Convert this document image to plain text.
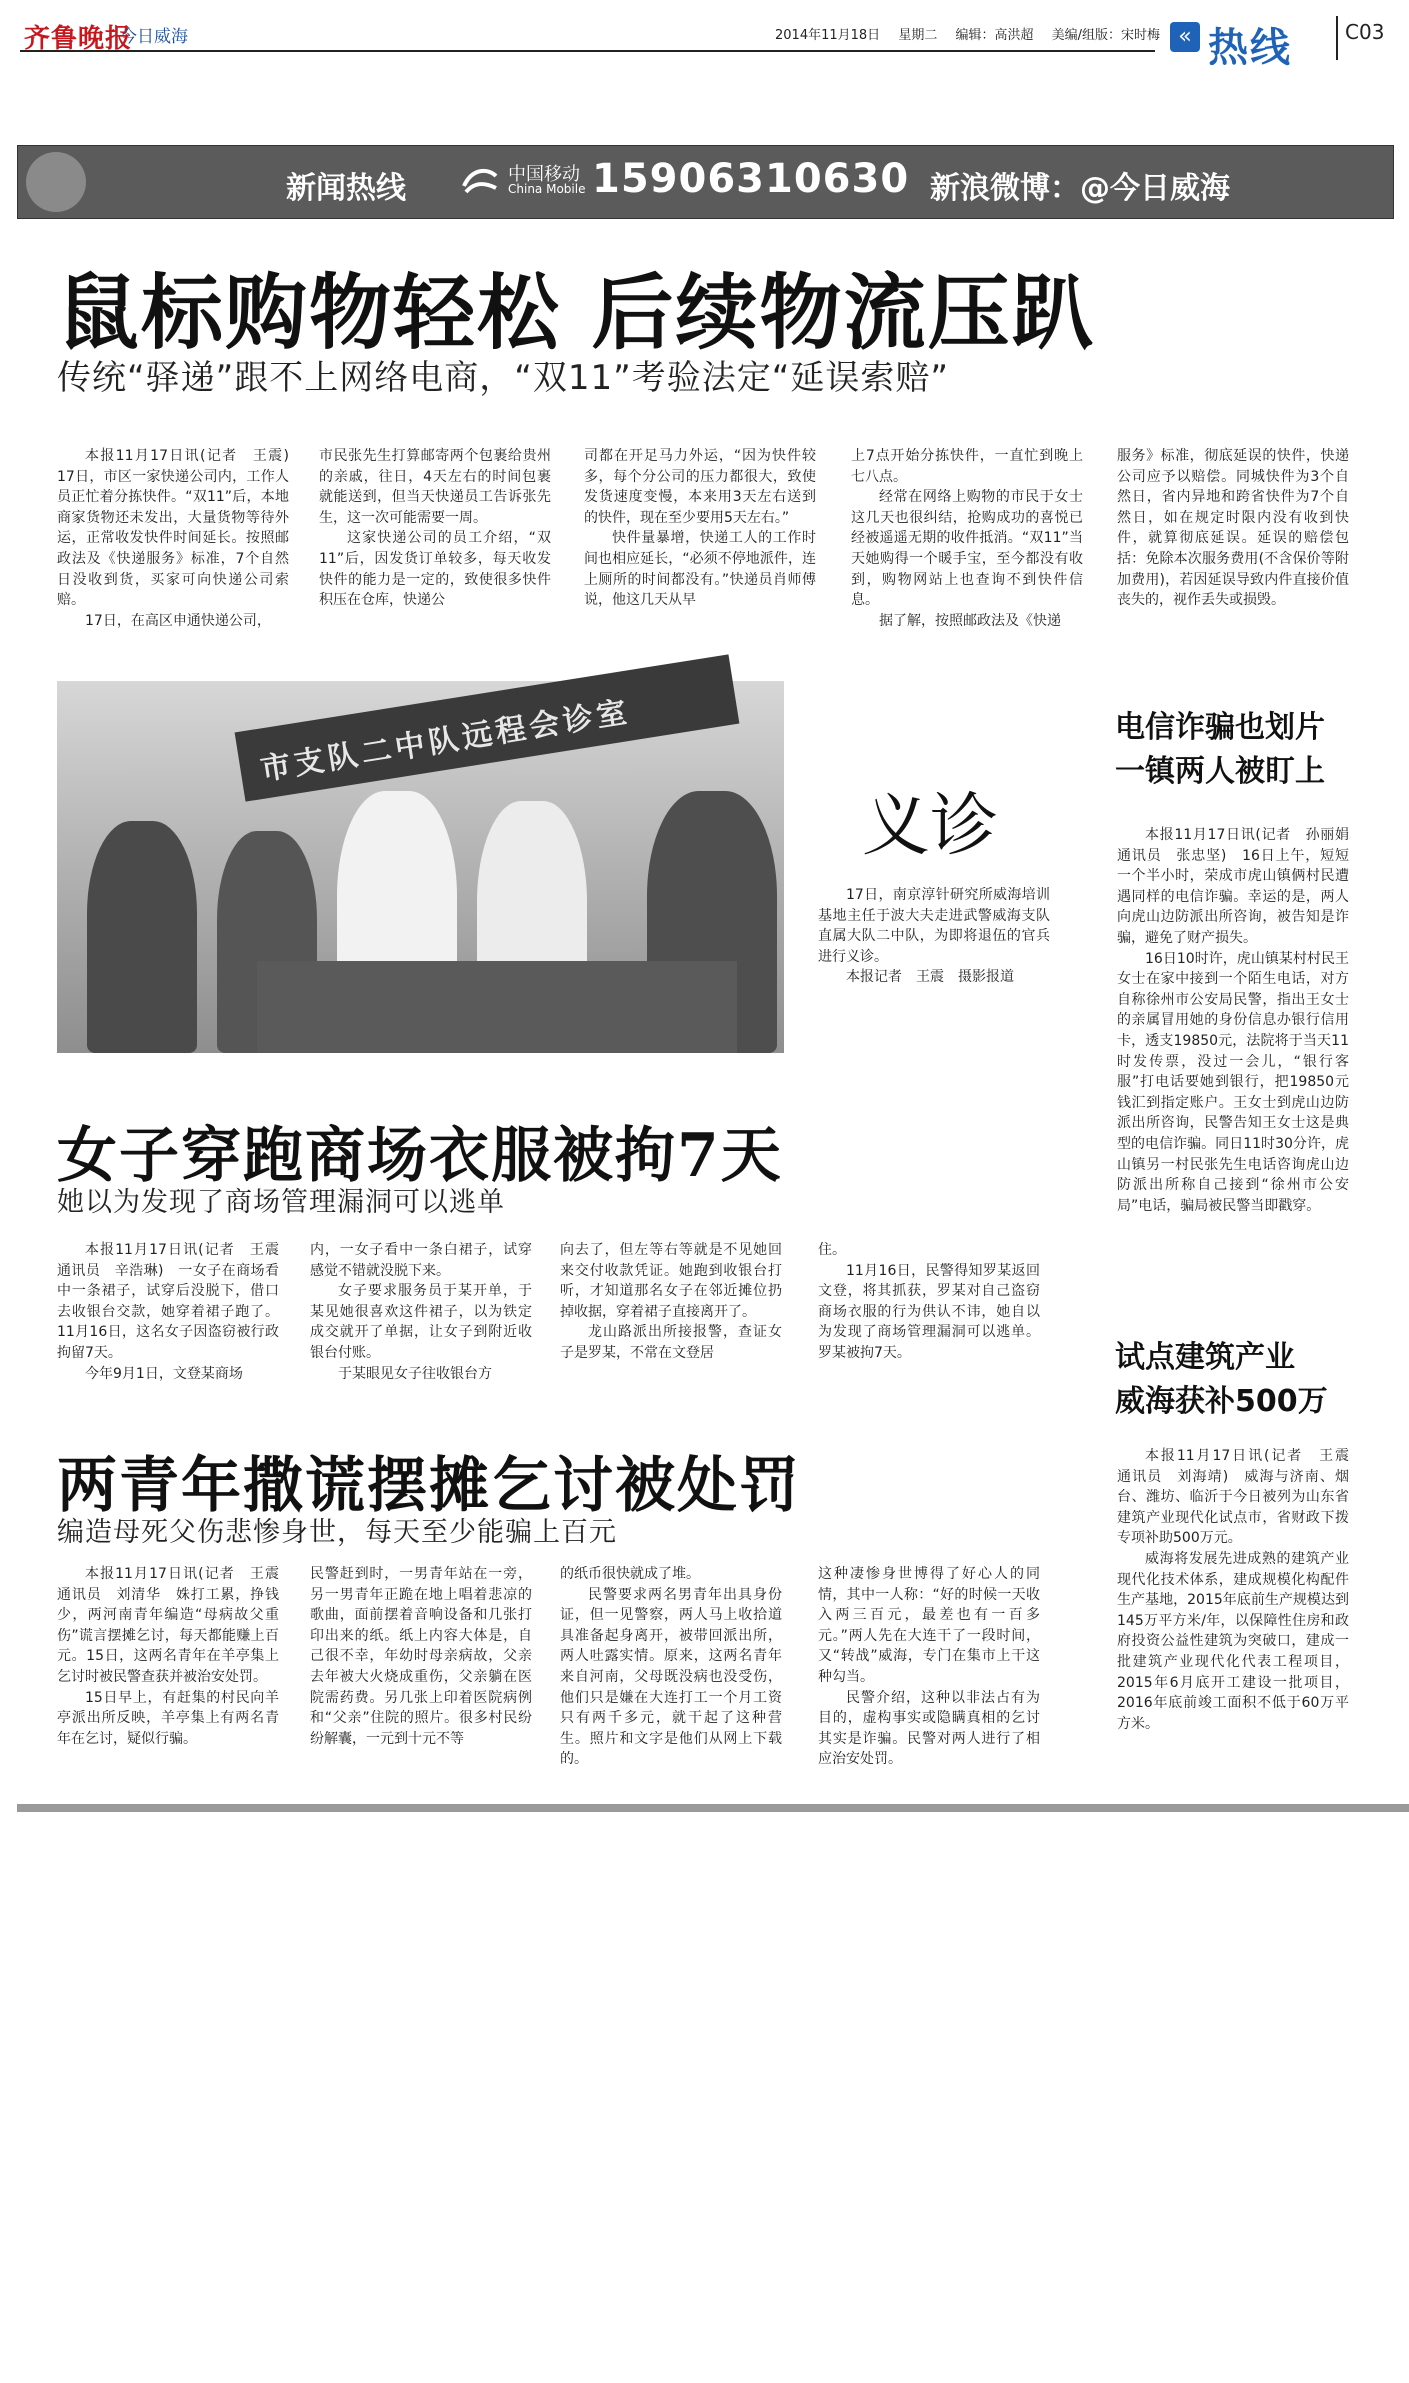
齐鲁晚报
今日威海	2014年11月18日 星期二 编辑：高洪超 美编/组版：宋时梅 « 热线	C03
新闻热线	中国移动
China Mobile 15906310630 新浪微博：@今日威海
鼠标购物轻松 后续物流压趴
传统“驿递”跟不上网络电商，“双11”考验法定“延误索赔”

本报11月17日讯(记者　王震)　17日，市区一家快递公司内，工作人员正忙着分拣快件。“双11”后，本地商家货物还未发出，大量货物等待外运，正常收发快件时间延长。按照邮政法及《快递服务》标准，7个自然日没收到货，买家可向快递公司索赔。

17日，在高区申通快递公司，

市民张先生打算邮寄两个包裹给贵州的亲戚，往日，4天左右的时间包裹就能送到，但当天快递员工告诉张先生，这一次可能需要一周。

这家快递公司的员工介绍，“双11”后，因发货订单较多，每天收发快件的能力是一定的，致使很多快件积压在仓库，快递公

司都在开足马力外运，“因为快件较多，每个分公司的压力都很大，致使发货速度变慢，本来用3天左右送到的快件，现在至少要用5天左右。”

快件量暴增，快递工人的工作时间也相应延长，“必须不停地派件，连上厕所的时间都没有。”快递员肖师傅说，他这几天从早

上7点开始分拣快件，一直忙到晚上七八点。

经常在网络上购物的市民于女士这几天也很纠结，抢购成功的喜悦已经被遥遥无期的收件抵消。“双11”当天她购得一个暖手宝，至今都没有收到，购物网站上也查询不到快件信息。

据了解，按照邮政法及《快递

服务》标准，彻底延误的快件，快递公司应予以赔偿。同城快件为3个自然日，省内异地和跨省快件为7个自然日，如在规定时限内没有收到快件，就算彻底延误。延误的赔偿包括：免除本次服务费用(不含保价等附加费用)，若因延误导致内件直接价值丧失的，视作丢失或损毁。

市支队二中队远程会诊室
义诊

17日，南京淳针研究所威海培训基地主任于波大夫走进武警威海支队直属大队二中队，为即将退伍的官兵进行义诊。

本报记者　王震　摄影报道

电信诈骗也划片
一镇两人被盯上

本报11月17日讯(记者　孙丽娟　通讯员　张忠坚)　16日上午，短短一个半小时，荣成市虎山镇俩村民遭遇同样的电信诈骗。幸运的是，两人向虎山边防派出所咨询，被告知是诈骗，避免了财产损失。

16日10时许，虎山镇某村村民王女士在家中接到一个陌生电话，对方自称徐州市公安局民警，指出王女士的亲属冒用她的身份信息办银行信用卡，透支19850元，法院将于当天11时发传票，没过一会儿，“银行客服”打电话要她到银行，把19850元钱汇到指定账户。王女士到虎山边防派出所咨询，民警告知王女士这是典型的电信诈骗。同日11时30分许，虎山镇另一村民张先生电话咨询虎山边防派出所称自己接到“徐州市公安局”电话，骗局被民警当即戳穿。

女子穿跑商场衣服被拘7天
她以为发现了商场管理漏洞可以逃单

本报11月17日讯(记者　王震　通讯员　辛浩琳)　一女子在商场看中一条裙子，试穿后没脱下，借口去收银台交款，她穿着裙子跑了。11月16日，这名女子因盗窃被行政拘留7天。

今年9月1日，文登某商场

内，一女子看中一条白裙子，试穿感觉不错就没脱下来。

女子要求服务员于某开单，于某见她很喜欢这件裙子，以为铁定成交就开了单据，让女子到附近收银台付账。

于某眼见女子往收银台方

向去了，但左等右等就是不见她回来交付收款凭证。她跑到收银台打听，才知道那名女子在邻近摊位扔掉收据，穿着裙子直接离开了。

龙山路派出所接报警，查证女子是罗某，不常在文登居

住。

11月16日，民警得知罗某返回文登，将其抓获，罗某对自己盗窃商场衣服的行为供认不讳，她自以为发现了商场管理漏洞可以逃单。罗某被拘7天。	试点建筑产业
威海获补500万

本报11月17日讯(记者　王震　通讯员　刘海靖)　威海与济南、烟台、潍坊、临沂于今日被列为山东省建筑产业现代化试点市，省财政下拨专项补助500万元。

威海将发展先进成熟的建筑产业现代化技术体系，建成规模化构配件生产基地，2015年底前生产规模达到145万平方米/年，以保障性住房和政府投资公益性建筑为突破口，建成一批建筑产业现代化代表工程项目，2015年6月底开工建设一批项目，2016年底前竣工面积不低于60万平方米。

两青年撒谎摆摊乞讨被处罚
编造母死父伤悲惨身世，每天至少能骗上百元

本报11月17日讯(记者　王震　通讯员　刘清华　姝打工累，挣钱少，两河南青年编造“母病故父重伤”谎言摆摊乞讨，每天都能赚上百元。15日，这两名青年在羊亭集上乞讨时被民警查获并被治安处罚。

15日早上，有赶集的村民向羊亭派出所反映，羊亭集上有两名青年在乞讨，疑似行骗。

民警赶到时，一男青年站在一旁，另一男青年正跪在地上唱着悲凉的歌曲，面前摆着音响设备和几张打印出来的纸。纸上内容大体是，自己很不幸，年幼时母亲病故，父亲去年被大火烧成重伤，父亲躺在医院需药费。另几张上印着医院病例和“父亲”住院的照片。很多村民纷纷解囊，一元到十元不等

的纸币很快就成了堆。

民警要求两名男青年出具身份证，但一见警察，两人马上收拾道具准备起身离开，被带回派出所，两人吐露实情。原来，这两名青年来自河南，父母既没病也没受伤，他们只是嫌在大连打工一个月工资只有两千多元，就干起了这种营生。照片和文字是他们从网上下载的。

这种凄惨身世博得了好心人的同情，其中一人称：“好的时候一天收入两三百元，最差也有一百多元。”两人先在大连干了一段时间，又“转战”威海，专门在集市上干这种勾当。

民警介绍，这种以非法占有为目的，虚构事实或隐瞒真相的乞讨其实是诈骗。民警对两人进行了相应治安处罚。
